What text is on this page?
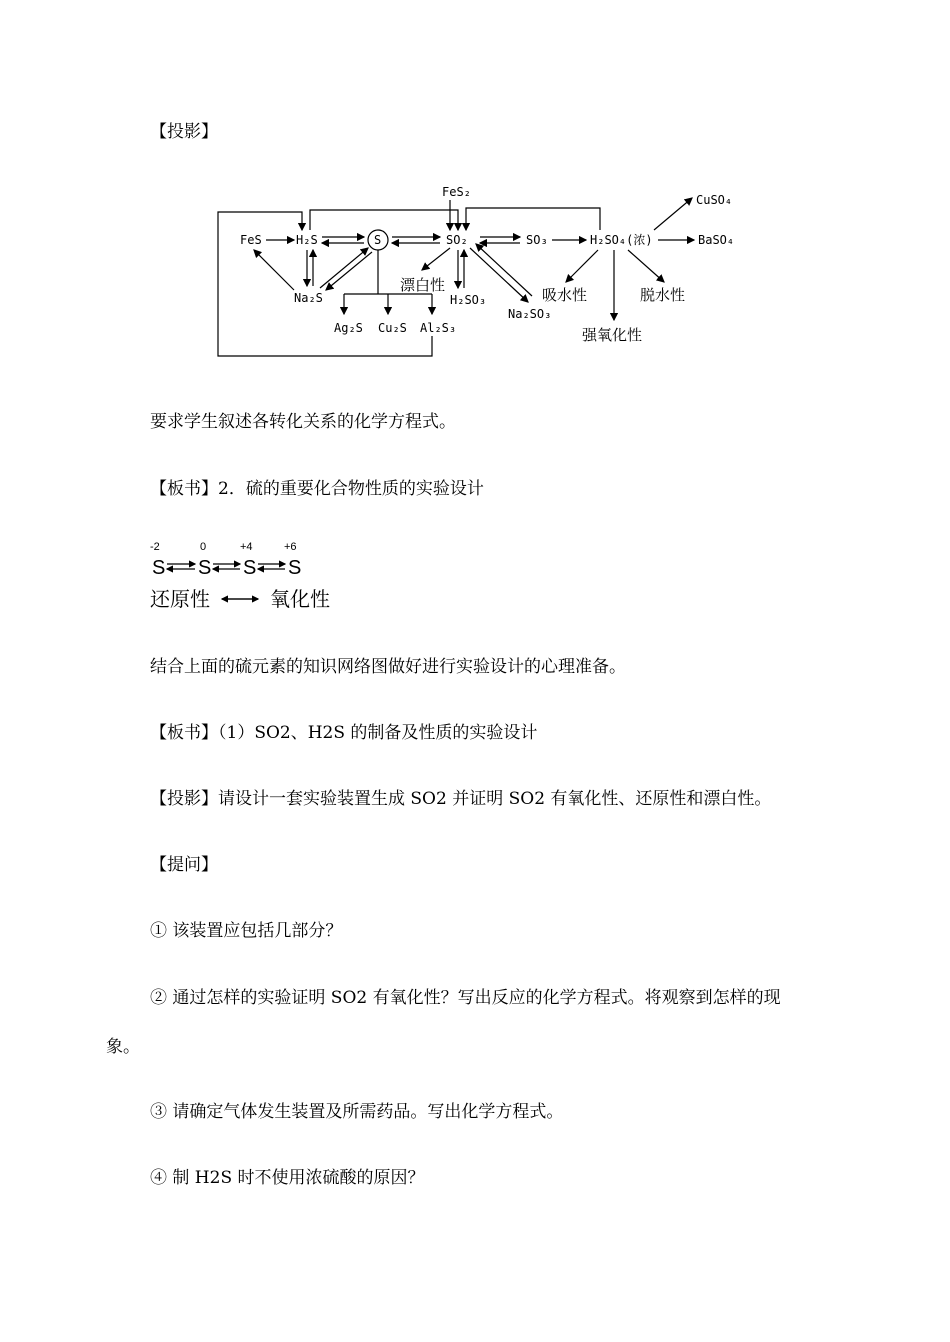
【投影】
FeS₂
FeS	H₂S	S	SO₂	SO₃	H₂SO₄(浓)
CuSO₄
BaSO₄
Na₂S
漂白性
H₂SO₃
Na₂SO₃
吸水性	脱水性
强氧化性
Ag₂S Cu₂S Al₂S₃
要求学生叙述各转化关系的化学方程式。
【板书】2．硫的重要化合物性质的实验设计
-2	0	+4	+6
S S S S
还原性	氧化性
结合上面的硫元素的知识网络图做好进行实验设计的心理准备。
【板书】（1）SO2、H2S 的制备及性质的实验设计
【投影】请设计一套实验装置生成 SO2 并证明 SO2 有氧化性、还原性和漂白性。
【提问】
① 该装置应包括几部分？
② 通过怎样的实验证明 SO2 有氧化性？写出反应的化学方程式。将观察到怎样的现
象。
③ 请确定气体发生装置及所需药品。写出化学方程式。
④ 制 H2S 时不使用浓硫酸的原因？
